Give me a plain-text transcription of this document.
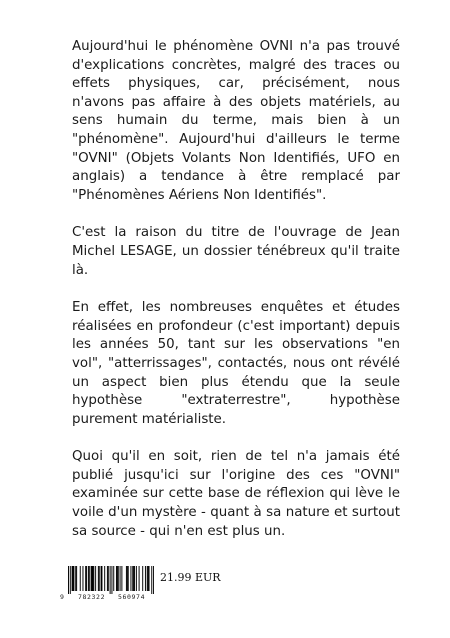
Aujourd'hui le phénomène OVNI n'a pas trouvé d'explications concrètes, malgré des traces ou effets physiques, car, précisément, nous n'avons pas affaire à des objets matériels, au sens humain du terme, mais bien à un "phénomène". Aujourd'hui d'ailleurs le terme "OVNI" (Objets Volants Non Identifiés, UFO en anglais) a tendance à être remplacé par "Phénomènes Aériens Non Identifiés".

C'est la raison du titre de l'ouvrage de Jean Michel LESAGE, un dossier ténébreux qu'il traite là.

En effet, les nombreuses enquêtes et études réalisées en profondeur (c'est important) depuis les années 50, tant sur les observations "en vol", "atterrissages", contactés, nous ont révélé un aspect bien plus étendu que la seule hypothèse "extraterrestre", hypothèse purement matérialiste.

Quoi qu'il en soit, rien de tel n'a jamais été publié jusqu'ici sur l'origine des ces "OVNI" examinée sur cette base de réflexion qui lève le voile d'un mystère - quant à sa nature et surtout sa source - qui n'en est plus un.

9 782322 560974
21.99 EUR
